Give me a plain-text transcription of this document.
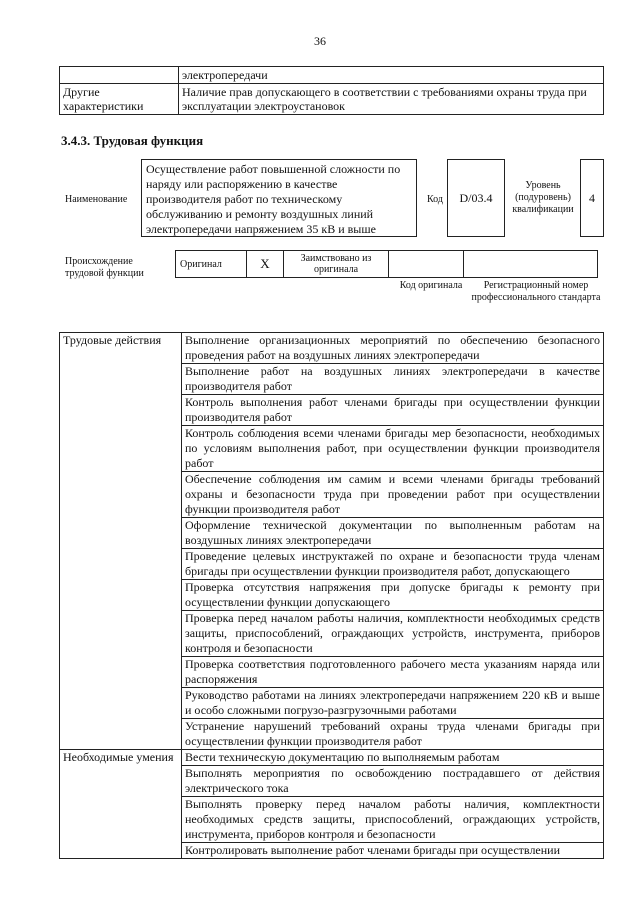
36
	электропередачи
Другие характеристики	Наличие прав допускающего в соответствии с требованиями охраны труда при эксплуатации электроустановок
3.4.3. Трудовая функция
Наименование
Осуществление работ повышенной сложности по наряду или распоряжению в качестве производителя работ по техническому обслуживанию и ремонту воздушных линий электропередачи напряжением 35 кВ и выше
Код	D/03.4
Уровень (подуровень) квалификации
4
Происхождение трудовой функции
Оригинал	X	Заимствовано из оригинала		
Код оригинала	Регистрационный номер профессионального стандарта
Трудовые действия	Выполнение организационных мероприятий по обеспечению безопасного проведения работ на воздушных линиях электропередачи
	Выполнение работ на воздушных линиях электропередачи в качестве производителя работ
	Контроль выполнения работ членами бригады при осуществлении функции производителя работ
	Контроль соблюдения всеми членами бригады мер безопасности, необходимых по условиям выполнения работ, при осуществлении функции производителя работ
	Обеспечение соблюдения им самим и всеми членами бригады требований охраны и безопасности труда при проведении работ при осуществлении функции производителя работ
	Оформление технической документации по выполненным работам на воздушных линиях электропередачи
	Проведение целевых инструктажей по охране и безопасности труда членам бригады при осуществлении функции производителя работ, допускающего
	Проверка отсутствия напряжения при допуске бригады к ремонту при осуществлении функции допускающего
	Проверка перед началом работы наличия, комплектности необходимых средств защиты, приспособлений, ограждающих устройств, инструмента, приборов контроля и безопасности
	Проверка соответствия подготовленного рабочего места указаниям наряда или распоряжения
	Руководство работами на линиях электропередачи напряжением 220 кВ и выше и особо сложными погрузо-разгрузочными работами
	Устранение нарушений требований охраны труда членами бригады при осуществлении функции производителя работ
Необходимые умения	Вести техническую документацию по выполняемым работам
	Выполнять мероприятия по освобождению пострадавшего от действия электрического тока
	Выполнять проверку перед началом работы наличия, комплектности необходимых средств защиты, приспособлений, ограждающих устройств, инструмента, приборов контроля и безопасности
	Контролировать выполнение работ членами бригады при осуществлении
